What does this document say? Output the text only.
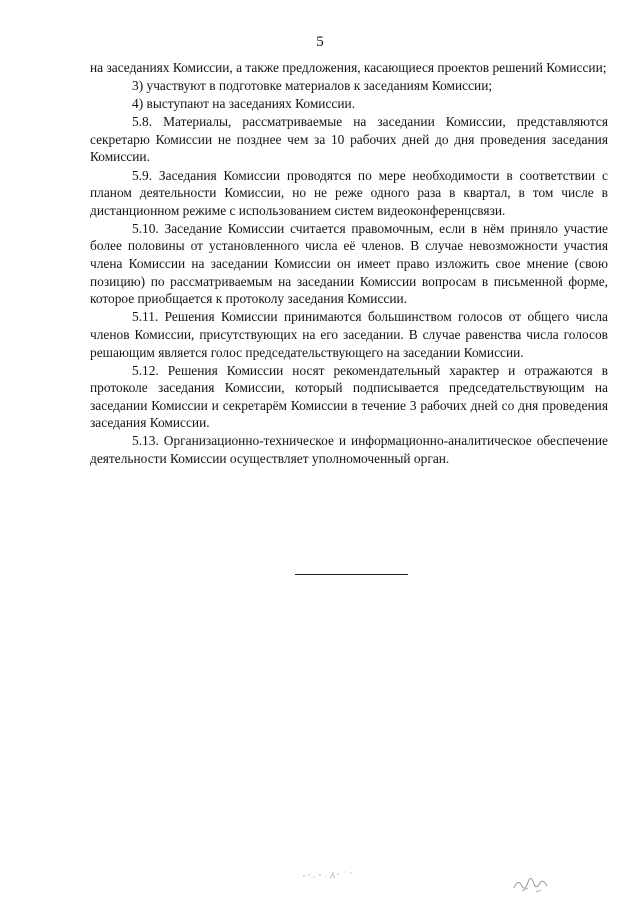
5

на заседаниях Комиссии, а также предложения, касающиеся проектов решений Комиссии;

3) участвуют в подготовке материалов к заседаниям Комиссии;

4) выступают на заседаниях Комиссии.

5.8. Материалы, рассматриваемые на заседании Комиссии, представляются секретарю Комиссии не позднее чем за 10 рабочих дней до дня проведения заседания Комиссии.

5.9. Заседания Комиссии проводятся по мере необходимости в соответствии с планом деятельности Комиссии, но не реже одного раза в квартал, в том числе в дистанционном режиме с использованием систем видеоконференцсвязи.

5.10. Заседание Комиссии считается правомочным, если в нём приняло участие более половины от установленного числа её членов. В случае невозможности участия члена Комиссии на заседании Комиссии он имеет право изложить свое мнение (свою позицию) по рассматриваемым на заседании Комиссии вопросам в письменной форме, которое приобщается к протоколу заседания Комиссии.

5.11. Решения Комиссии принимаются большинством голосов от общего числа членов Комиссии, присутствующих на его заседании. В случае равенства числа голосов решающим является голос председательствующего на заседании Комиссии.

5.12. Решения Комиссии носят рекомендательный характер и отражаются в протоколе заседания Комиссии, который подписывается председательствующим на заседании Комиссии и секретарём Комиссии в течение 3 рабочих дней со дня проведения заседания Комиссии.

5.13. Организационно-техническое и информационно-аналитическое обеспечение деятельности Комиссии осуществляет уполномоченный орган.
